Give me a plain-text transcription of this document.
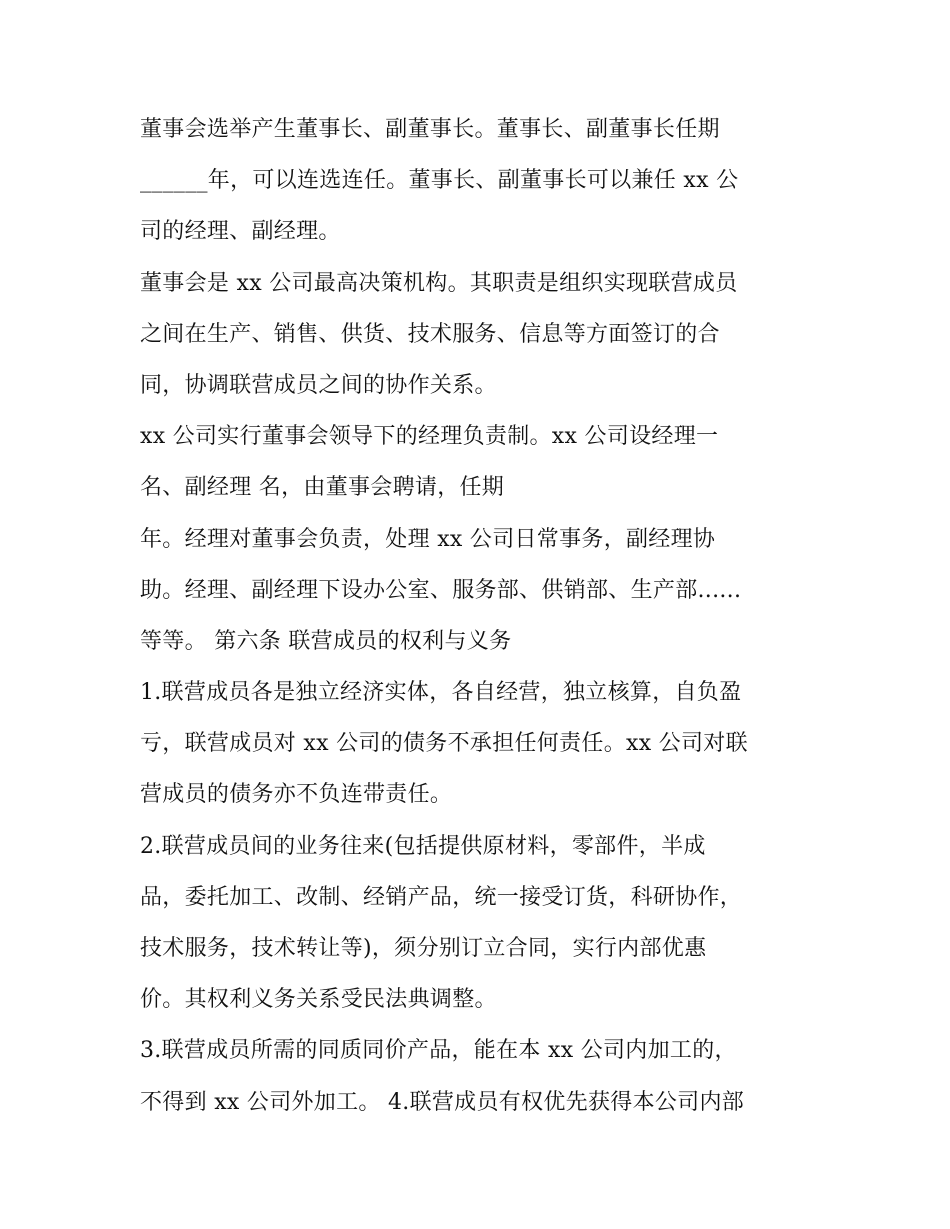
董事会选举产生董事长、副董事长。董事长、副董事长任期
______年，可以连选连任。董事长、副董事长可以兼任 xx 公
司的经理、副经理。
董事会是 xx 公司最高决策机构。其职责是组织实现联营成员
之间在生产、销售、供货、技术服务、信息等方面签订的合
同，协调联营成员之间的协作关系。
xx 公司实行董事会领导下的经理负责制。xx 公司设经理一
名、副经理 名，由董事会聘请，任期
年。经理对董事会负责，处理 xx 公司日常事务，副经理协
助。经理、副经理下设办公室、服务部、供销部、生产部......
等等。 第六条 联营成员的权利与义务
1.联营成员各是独立经济实体，各自经营，独立核算，自负盈
亏，联营成员对 xx 公司的债务不承担任何责任。xx 公司对联
营成员的债务亦不负连带责任。
2.联营成员间的业务往来(包括提供原材料，零部件，半成
品，委托加工、改制、经销产品，统一接受订货，科研协作，
技术服务，技术转让等)，须分别订立合同，实行内部优惠
价。其权利义务关系受民法典调整。
3.联营成员所需的同质同价产品，能在本 xx 公司内加工的，
不得到 xx 公司外加工。 4.联营成员有权优先获得本公司内部
